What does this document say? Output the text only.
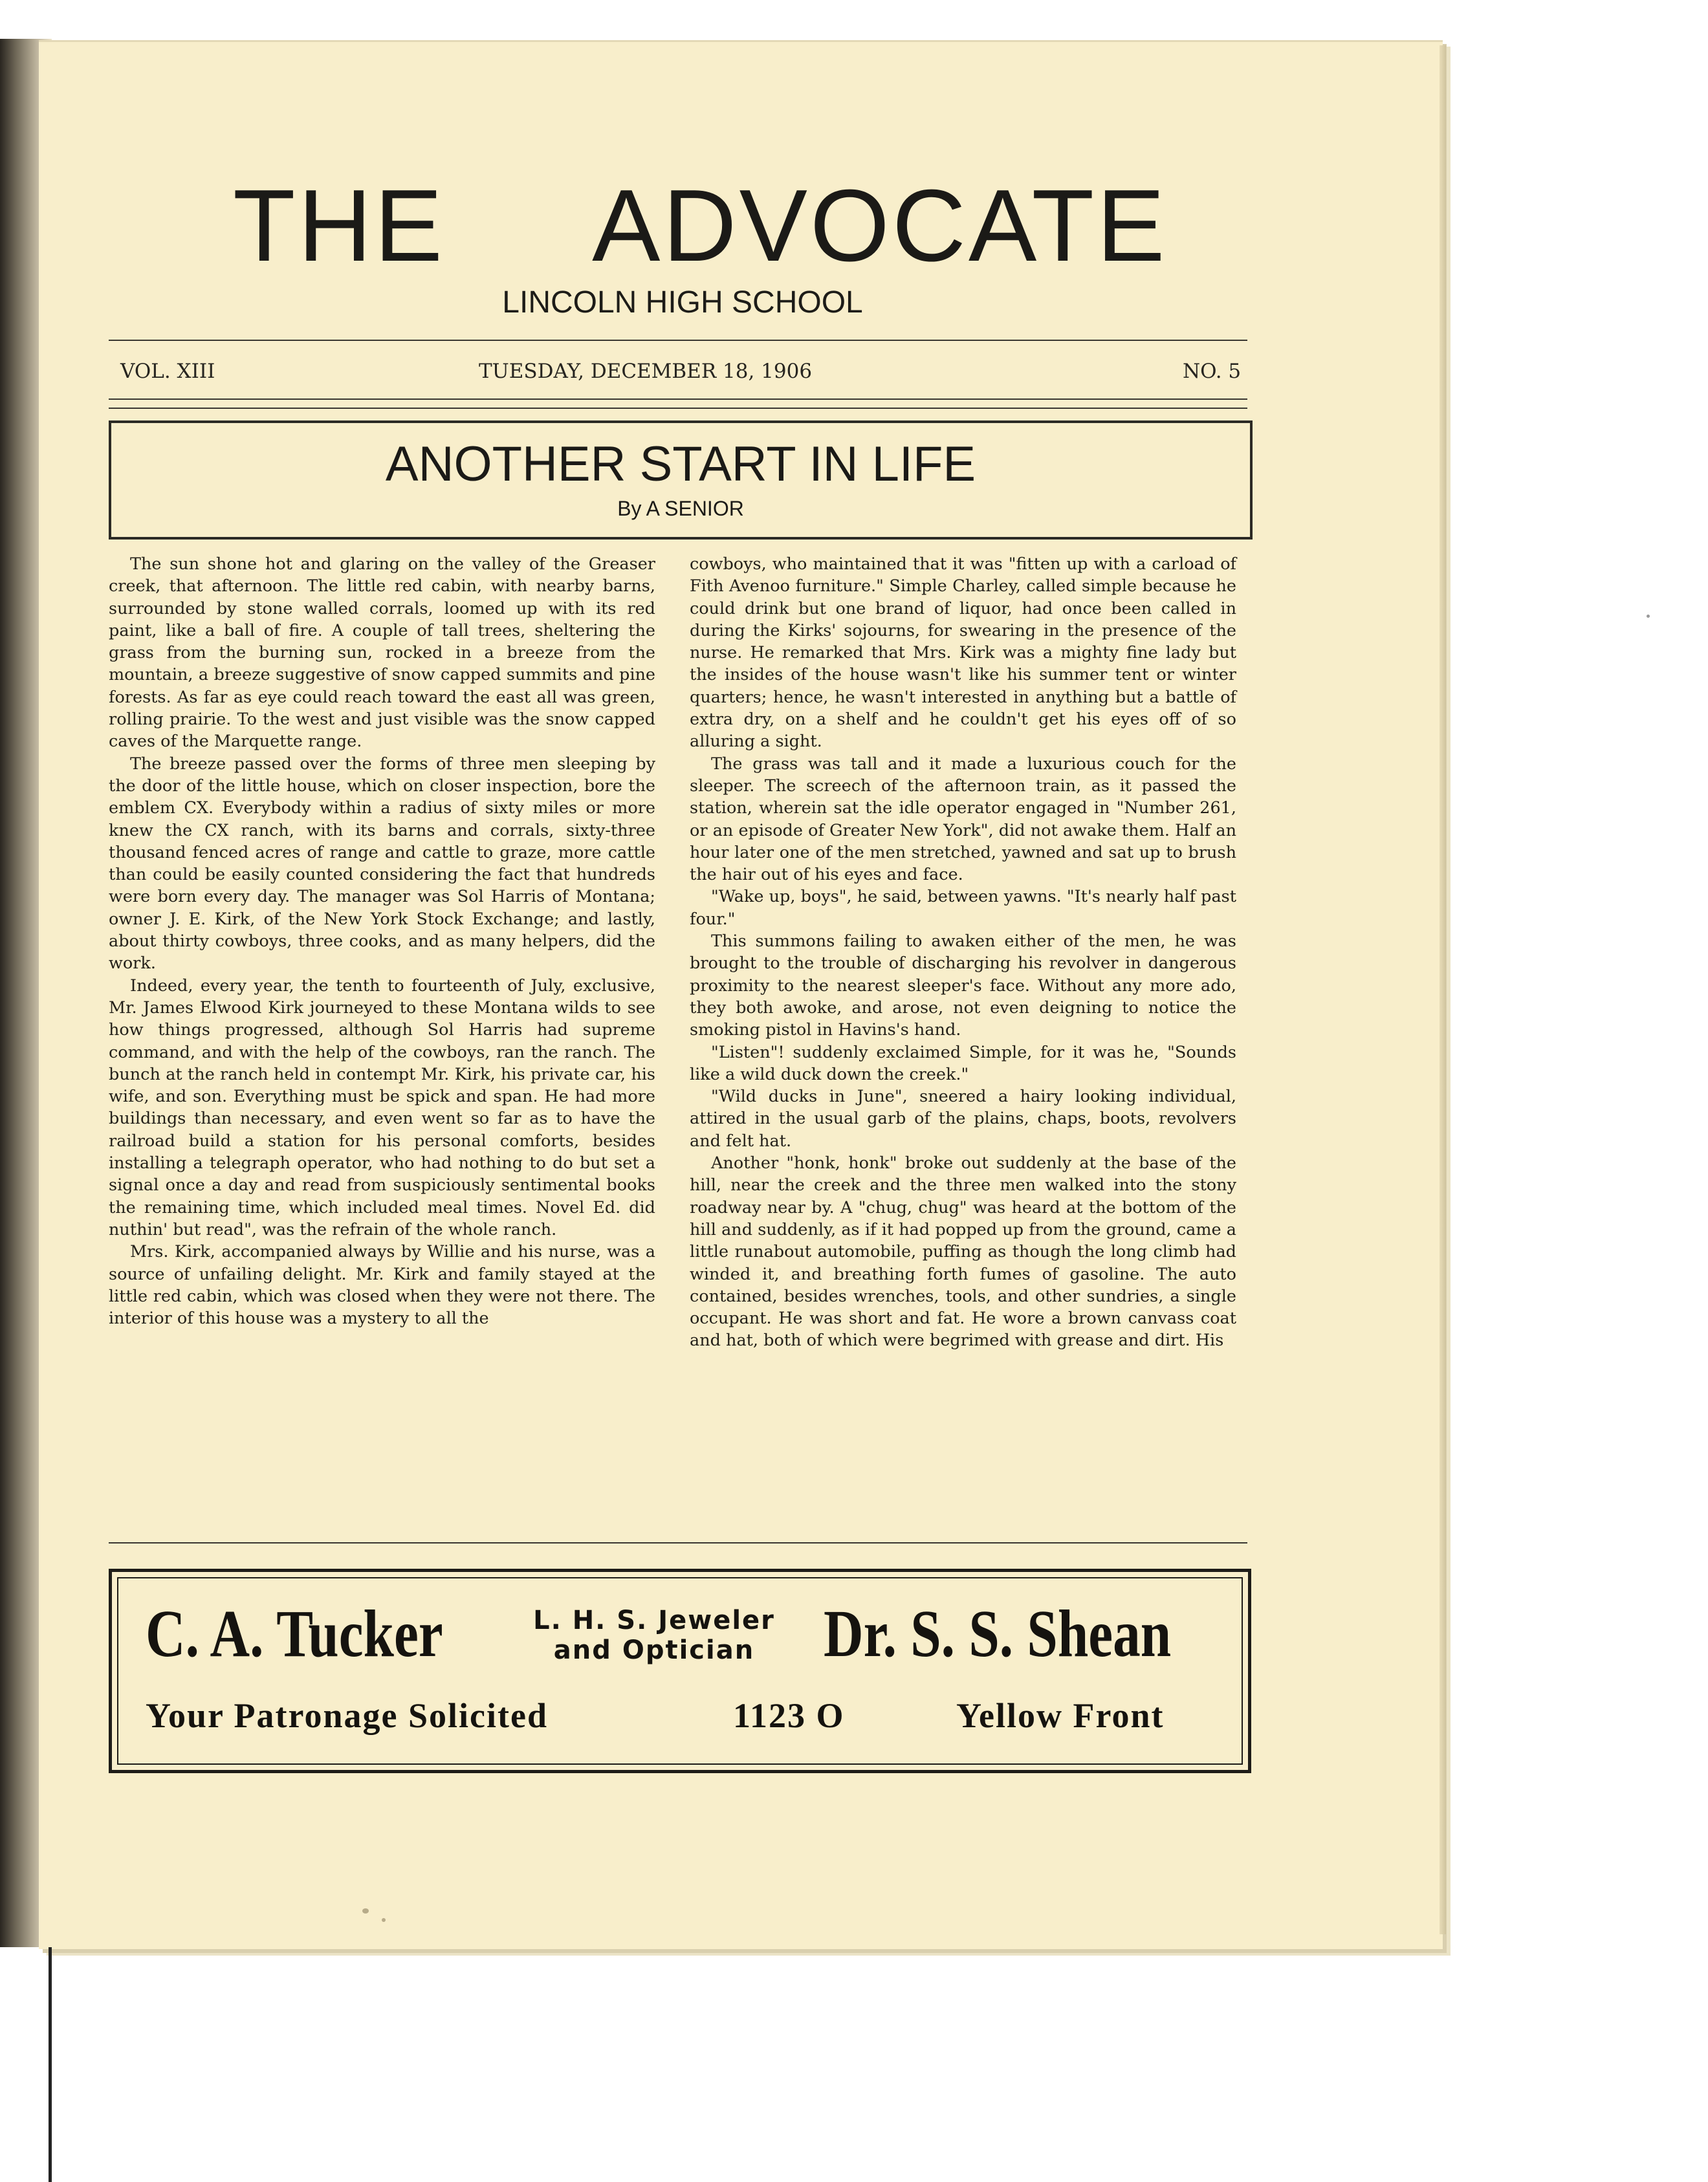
THE  ADVOCATE
LINCOLN HIGH SCHOOL
VOL. XIII	TUESDAY, DECEMBER 18, 1906	NO. 5
ANOTHER START IN LIFE
By A SENIOR

The sun shone hot and glaring on the valley of the Greaser creek, that afternoon. The little red cabin, with nearby barns, surrounded by stone walled corrals, loomed up with its red paint, like a ball of fire. A couple of tall trees, sheltering the grass from the burning sun, rocked in a breeze from the mountain, a breeze suggestive of snow capped summits and pine forests. As far as eye could reach toward the east all was green, rolling prairie. To the west and just visible was the snow capped caves of the Marquette range.

The breeze passed over the forms of three men sleeping by the door of the little house, which on closer inspection, bore the emblem CX. Everybody within a radius of sixty miles or more knew the CX ranch, with its barns and corrals, sixty-three thousand fenced acres of range and cattle to graze, more cattle than could be easily counted considering the fact that hundreds were born every day. The manager was Sol Harris of Montana; owner J. E. Kirk, of the New York Stock Exchange; and lastly, about thirty cowboys, three cooks, and as many helpers, did the work.

Indeed, every year, the tenth to fourteenth of July, exclusive, Mr. James Elwood Kirk journeyed to these Montana wilds to see how things progressed, although Sol Harris had supreme command, and with the help of the cowboys, ran the ranch. The bunch at the ranch held in contempt Mr. Kirk, his private car, his wife, and son. Everything must be spick and span. He had more buildings than necessary, and even went so far as to have the railroad build a station for his personal comforts, besides installing a telegraph operator, who had nothing to do but set a signal once a day and read from suspiciously sentimental books the remaining time, which included meal times. Novel Ed. did nuthin' but read", was the refrain of the whole ranch.

Mrs. Kirk, accompanied always by Willie and his nurse, was a source of unfailing delight. Mr. Kirk and family stayed at the little red cabin, which was closed when they were not there. The interior of this house was a mystery to all the

cowboys, who maintained that it was "fitten up with a carload of Fith Avenoo furniture." Simple Charley, called simple because he could drink but one brand of liquor, had once been called in during the Kirks' sojourns, for swearing in the presence of the nurse. He remarked that Mrs. Kirk was a mighty fine lady but the insides of the house wasn't like his summer tent or winter quarters; hence, he wasn't interested in anything but a battle of extra dry, on a shelf and he couldn't get his eyes off of so alluring a sight.

The grass was tall and it made a luxurious couch for the sleeper. The screech of the afternoon train, as it passed the station, wherein sat the idle operator engaged in "Number 261, or an episode of Greater New York", did not awake them. Half an hour later one of the men stretched, yawned and sat up to brush the hair out of his eyes and face.

"Wake up, boys", he said, between yawns. "It's nearly half past four."

This summons failing to awaken either of the men, he was brought to the trouble of discharging his revolver in dangerous proximity to the nearest sleeper's face. Without any more ado, they both awoke, and arose, not even deigning to notice the smoking pistol in Havins's hand.

"Listen"! suddenly exclaimed Simple, for it was he, "Sounds like a wild duck down the creek."

"Wild ducks in June", sneered a hairy looking individual, attired in the usual garb of the plains, chaps, boots, revolvers and felt hat.

Another "honk, honk" broke out suddenly at the base of the hill, near the creek and the three men walked into the stony roadway near by. A "chug, chug" was heard at the bottom of the hill and suddenly, as if it had popped up from the ground, came a little runabout automobile, puffing as though the long climb had winded it, and breathing forth fumes of gasoline. The auto contained, besides wrenches, tools, and other sundries, a single occupant. He was short and fat. He wore a brown canvass coat and hat, both of which were begrimed with grease and dirt. His

C. A. Tucker	L. H. S. Jeweler
and Optician	Dr. S. S. Shean
Your Patronage Solicited	1123 O	Yellow Front
